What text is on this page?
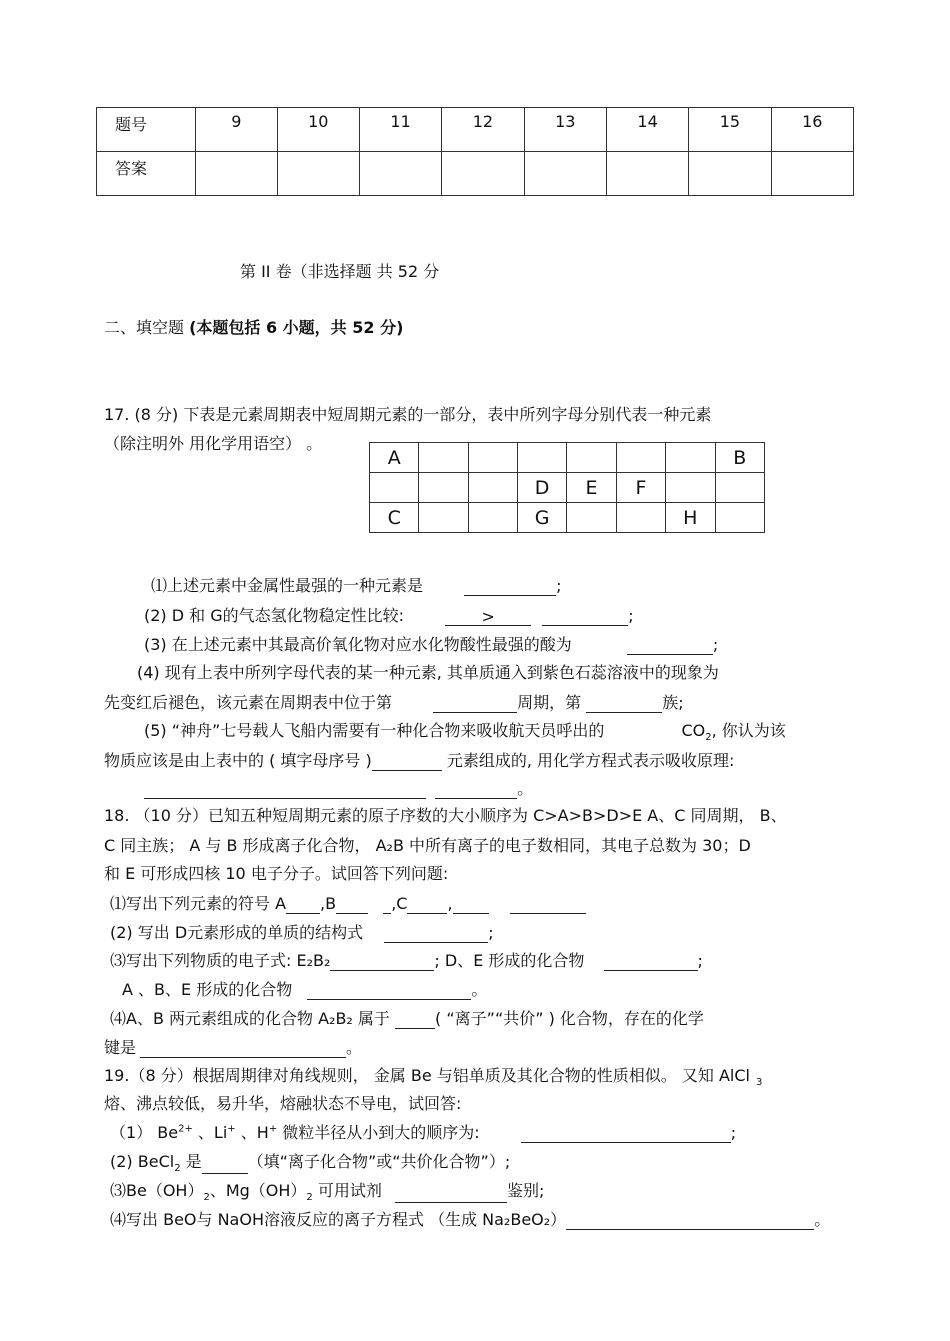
题号	9	10	11	12	13	14	15	16
答案								
第 II 卷（非选择题 共 52 分
二、填空题 (本题包括 6 小题，共 52 分)
17. (8 分) 下表是元素周期表中短周期元素的一部分，表中所列字母分别代表一种元素
（除注明外 用化学用语空） 。
A							B
			D	E	F		
C			G			H	
⑴上述元素中金属性最强的一种元素是	;
(2) D 和 G的气态氢化物稳定性比较:	>	;
(3) 在上述元素中其最高价氧化物对应水化物酸性最强的酸为	;
(4) 现有上表中所列字母代表的某一种元素, 其单质通入到紫色石蕊溶液中的现象为
先变红后褪色，该元素在周期表中位于第	周期，第	族;
(5) “神舟”七号载人飞船内需要有一种化合物来吸收航天员呼出的	$CO_2$, 你认为该
物质应该是由上表中的 ( 填字母序号 )	元素组成的, 用化学方程式表示吸收原理:
。
18. （10 分）已知五种短周期元素的原子序数的大小顺序为 C>A>B>D>E A、C 同周期， B、
C 同主族； A 与 B 形成离子化合物， A₂B 中所有离子的电子数相同，其电子总数为 30；D
和 E 可形成四核 10 电子分子。试回答下列问题:
⑴写出下列元素的符号 A ,B	,C	,
(2) 写出 D元素形成的单质的结构式	;
⑶写出下列物质的电子式: E₂B₂	; D、E 形成的化合物	;
A 、B、E 形成的化合物	。
⑷A、B 两元素组成的化合物 A₂B₂ 属于	( “离子”“共价” ) 化合物，存在的化学
键是	。
19.（8 分）根据周期律对角线规则， 金属 Be 与铝单质及其化合物的性质相似。 又知 AlCl $_3$
熔、沸点较低，易升华，熔融状态不导电，试回答:
（1） $Be^{2+}$ 、Li+ 、H+ 微粒半径从小到大的顺序为:	;
(2) BeCl$_2$ 是	（填“离子化合物”或“共价化合物”）;
$⑶Be(OH)_2$、$Mg(OH)_2$ 可用试剂	鉴别;
⑷写出 BeO与 NaOH溶液反应的离子方程式 （生成 Na₂BeO₂）	。
